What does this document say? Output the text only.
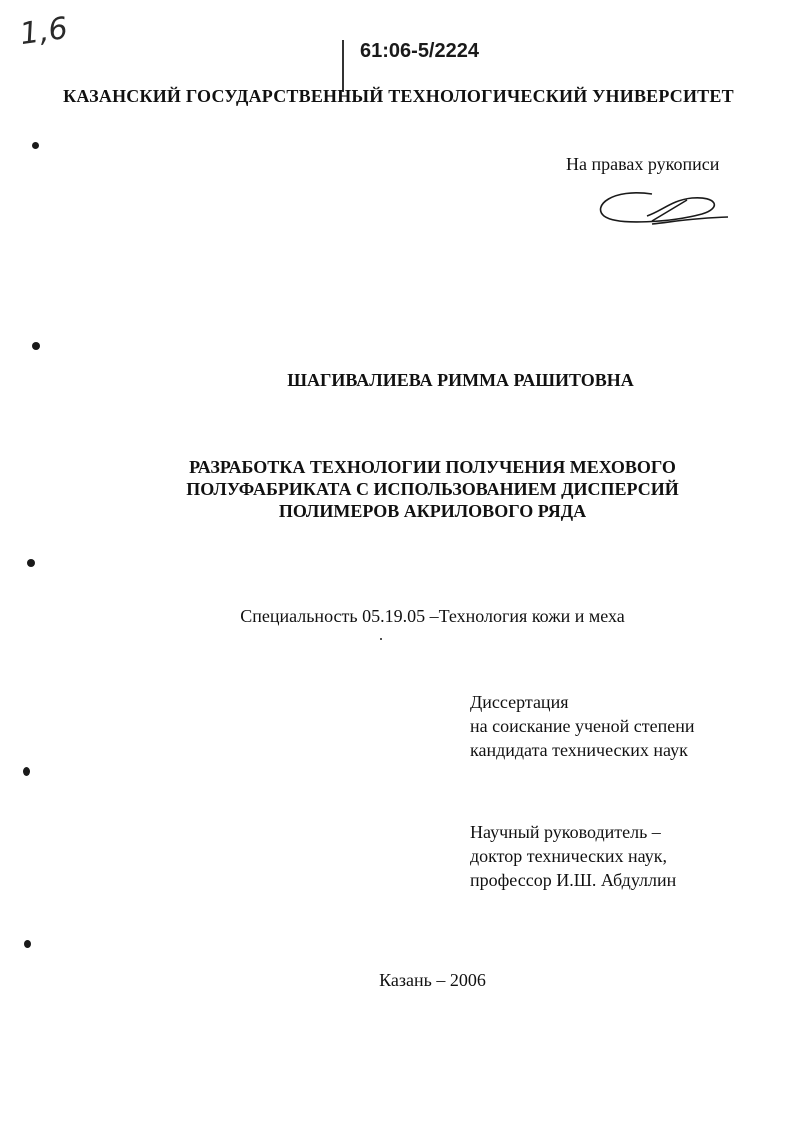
1,6	61:06-5/2224
КАЗАНСКИЙ ГОСУДАРСТВЕННЫЙ ТЕХНОЛОГИЧЕСКИЙ УНИВЕРСИТЕТ
На правах рукописи
ШАГИВАЛИЕВА РИММА РАШИТОВНА
РАЗРАБОТКА ТЕХНОЛОГИИ ПОЛУЧЕНИЯ МЕХОВОГО
ПОЛУФАБРИКАТА С ИСПОЛЬЗОВАНИЕМ ДИСПЕРСИЙ
ПОЛИМЕРОВ АКРИЛОВОГО РЯДА
Специальность 05.19.05 –Технология кожи и меха
Диссертация
на соискание ученой степени
кандидата технических наук
Научный руководитель –
доктор технических наук,
профессор И.Ш. Абдуллин
Казань – 2006
